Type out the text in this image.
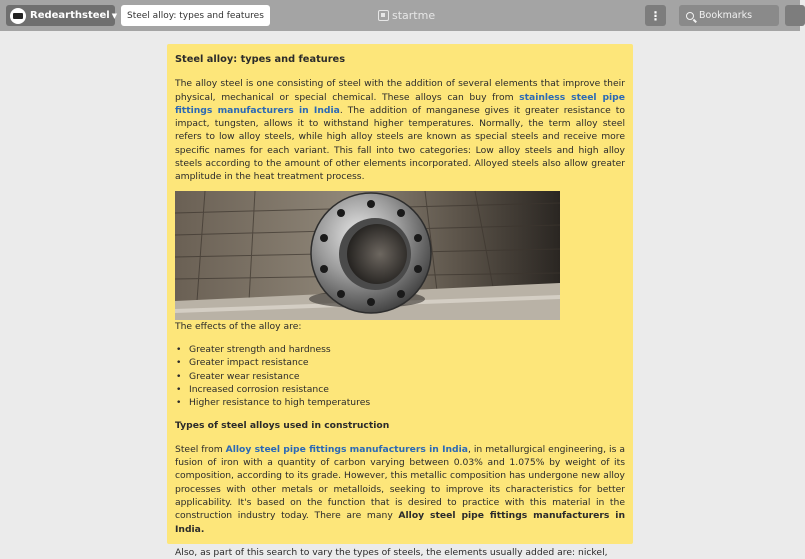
Redearthsteel ▼	Steel alloy: types and features	startme	⋮	Bookmarks
Steel alloy: types and features

The alloy steel is one consisting of steel with the addition of several elements that improve their physical, mechanical or special chemical. These alloys can buy from stainless steel pipe fittings manufacturers in India. The addition of manganese gives it greater resistance to impact, tungsten, allows it to withstand higher temperatures. Normally, the term alloy steel refers to low alloy steels, while high alloy steels are known as special steels and receive more specific names for each variant. This fall into two categories: Low alloy steels and high alloy steels according to the amount of other elements incorporated. Alloyed steels also allow greater amplitude in the heat treatment process.

The effects of the alloy are:

• Greater strength and hardness
• Greater impact resistance
• Greater wear resistance
• Increased corrosion resistance
• Higher resistance to high temperatures
Types of steel alloys used in construction

Steel from Alloy steel pipe fittings manufacturers in India, in metallurgical engineering, is a fusion of iron with a quantity of carbon varying between 0.03% and 1.075% by weight of its composition, according to its grade. However, this metallic composition has undergone new alloy processes with other metals or metalloids, seeking to improve its characteristics for better applicability. It's based on the function that is desired to practice with this material in the construction industry today. There are many Alloy steel pipe fittings manufacturers in India.

Also, as part of this search to vary the types of steels, the elements usually added are: nickel,
